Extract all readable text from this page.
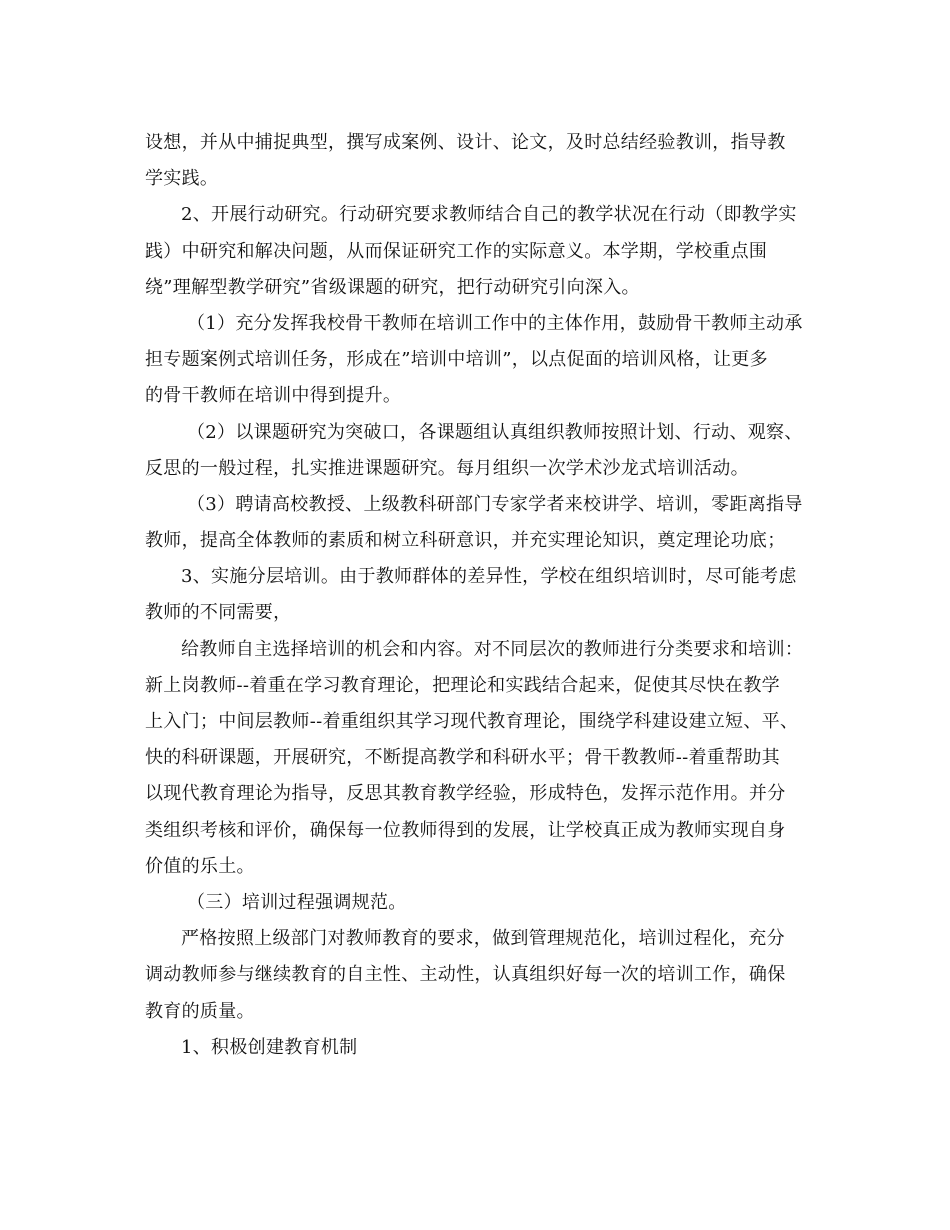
设想，并从中捕捉典型，撰写成案例、设计、论文，及时总结经验教训，指导教

学实践。

2、开展行动研究。行动研究要求教师结合自己的教学状况在行动（即教学实

践）中研究和解决问题，从而保证研究工作的实际意义。本学期，学校重点围

绕”理解型教学研究”省级课题的研究，把行动研究引向深入。

（1）充分发挥我校骨干教师在培训工作中的主体作用，鼓励骨干教师主动承

担专题案例式培训任务，形成在”培训中培训”，以点促面的培训风格，让更多

的骨干教师在培训中得到提升。

（2）以课题研究为突破口，各课题组认真组织教师按照计划、行动、观察、

反思的一般过程，扎实推进课题研究。每月组织一次学术沙龙式培训活动。

（3）聘请高校教授、上级教科研部门专家学者来校讲学、培训，零距离指导

教师，提高全体教师的素质和树立科研意识，并充实理论知识，奠定理论功底；

3、实施分层培训。由于教师群体的差异性，学校在组织培训时，尽可能考虑

教师的不同需要，

给教师自主选择培训的机会和内容。对不同层次的教师进行分类要求和培训：

新上岗教师--着重在学习教育理论，把理论和实践结合起来，促使其尽快在教学

上入门；中间层教师--着重组织其学习现代教育理论，围绕学科建设建立短、平、

快的科研课题，开展研究，不断提高教学和科研水平；骨干教教师--着重帮助其

以现代教育理论为指导，反思其教育教学经验，形成特色，发挥示范作用。并分

类组织考核和评价，确保每一位教师得到的发展，让学校真正成为教师实现自身

价值的乐土。

（三）培训过程强调规范。

严格按照上级部门对教师教育的要求，做到管理规范化，培训过程化，充分

调动教师参与继续教育的自主性、主动性，认真组织好每一次的培训工作，确保

教育的质量。

1、积极创建教育机制
